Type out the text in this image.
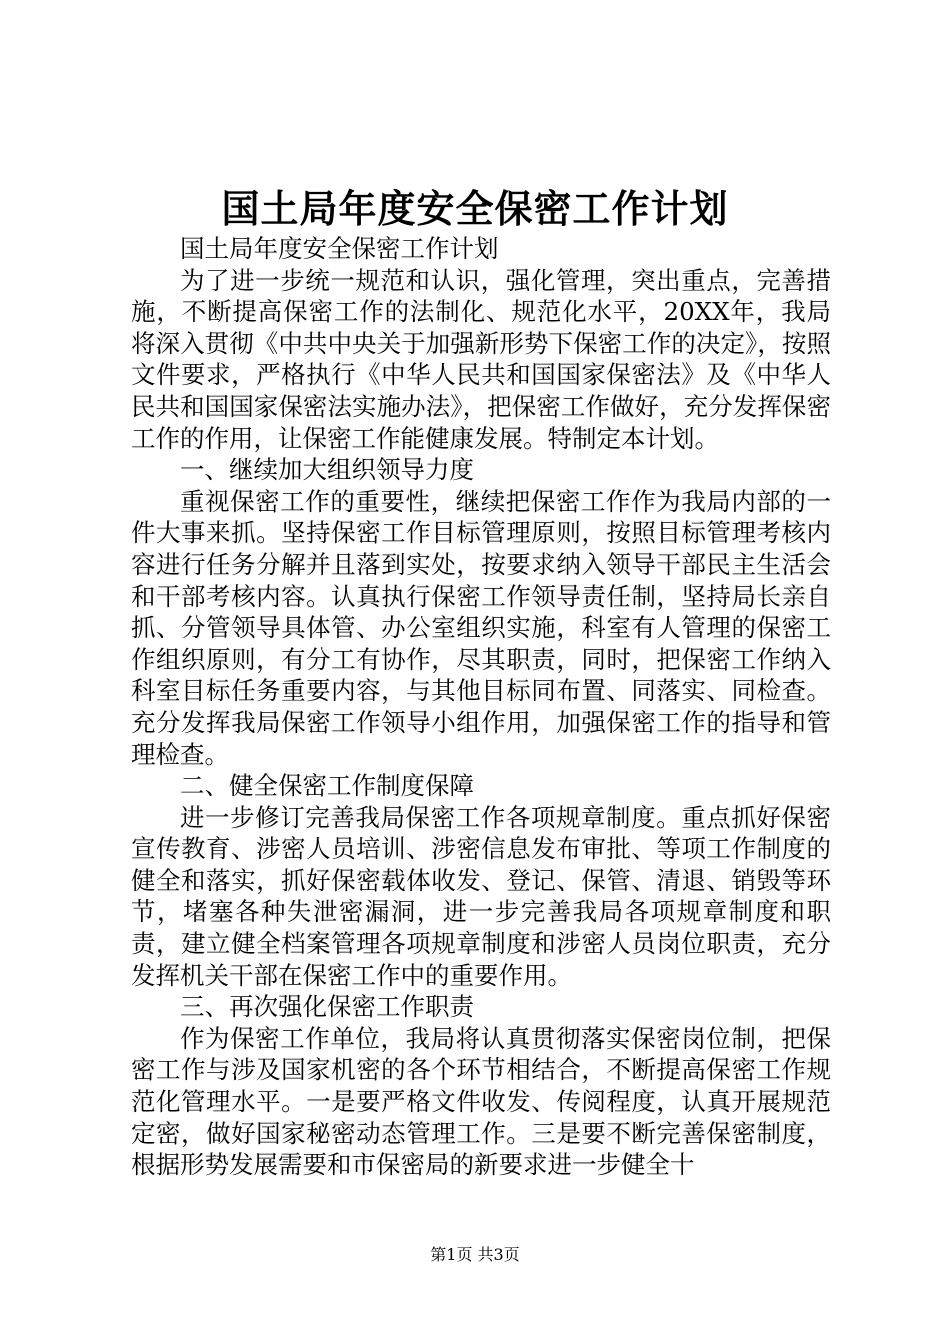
国土局年度安全保密工作计划

国土局年度安全保密工作计划

为了进一步统一规范和认识，强化管理，突出重点，完善措施，不断提高保密工作的法制化、规范化水平，20XX年，我局将深入贯彻《中共中央关于加强新形势下保密工作的决定》，按照文件要求，严格执行《中华人民共和国国家保密法》及《中华人民共和国国家保密法实施办法》，把保密工作做好，充分发挥保密工作的作用，让保密工作能健康发展。特制定本计划。

一、继续加大组织领导力度

重视保密工作的重要性，继续把保密工作作为我局内部的一件大事来抓。坚持保密工作目标管理原则，按照目标管理考核内容进行任务分解并且落到实处，按要求纳入领导干部民主生活会和干部考核内容。认真执行保密工作领导责任制，坚持局长亲自抓、分管领导具体管、办公室组织实施，科室有人管理的保密工作组织原则，有分工有协作，尽其职责，同时，把保密工作纳入科室目标任务重要内容，与其他目标同布置、同落实、同检查。充分发挥我局保密工作领导小组作用，加强保密工作的指导和管理检查。

二、健全保密工作制度保障

进一步修订完善我局保密工作各项规章制度。重点抓好保密宣传教育、涉密人员培训、涉密信息发布审批、等项工作制度的健全和落实，抓好保密载体收发、登记、保管、清退、销毁等环节，堵塞各种失泄密漏洞，进一步完善我局各项规章制度和职责，建立健全档案管理各项规章制度和涉密人员岗位职责，充分发挥机关干部在保密工作中的重要作用。

三、再次强化保密工作职责

作为保密工作单位，我局将认真贯彻落实保密岗位制，把保密工作与涉及国家机密的各个环节相结合，不断提高保密工作规范化管理水平。一是要严格文件收发、传阅程度，认真开展规范定密，做好国家秘密动态管理工作。三是要不断完善保密制度，根据形势发展需要和市保密局的新要求进一步健全十

第1页 共3页
